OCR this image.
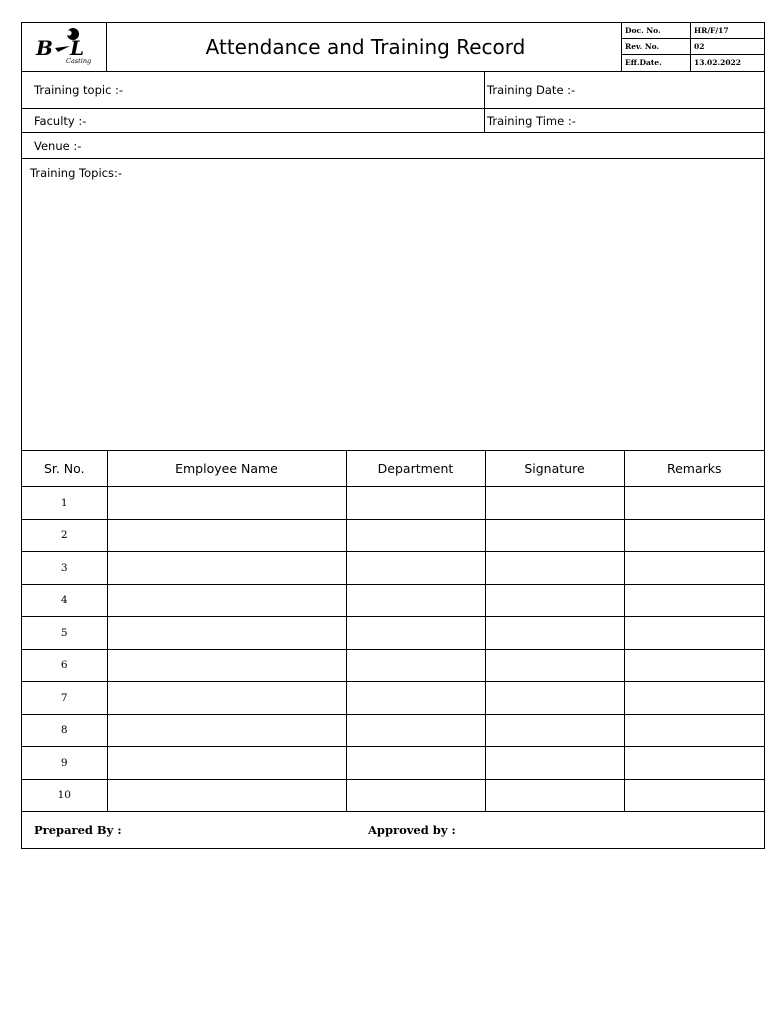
B L
Casting
Attendance and Training Record
Doc. No.	HR/F/17
Rev. No.	02
Eff.Date.	13.02.2022
Training topic :-	Training Date :-
Faculty :-	Training Time :-
Venue :-
Training Topics:-
Sr. No.	Employee Name	Department	Signature	Remarks
1				
2				
3				
4				
5				
6				
7				
8				
9				
10				
Prepared By :	Approved by :
